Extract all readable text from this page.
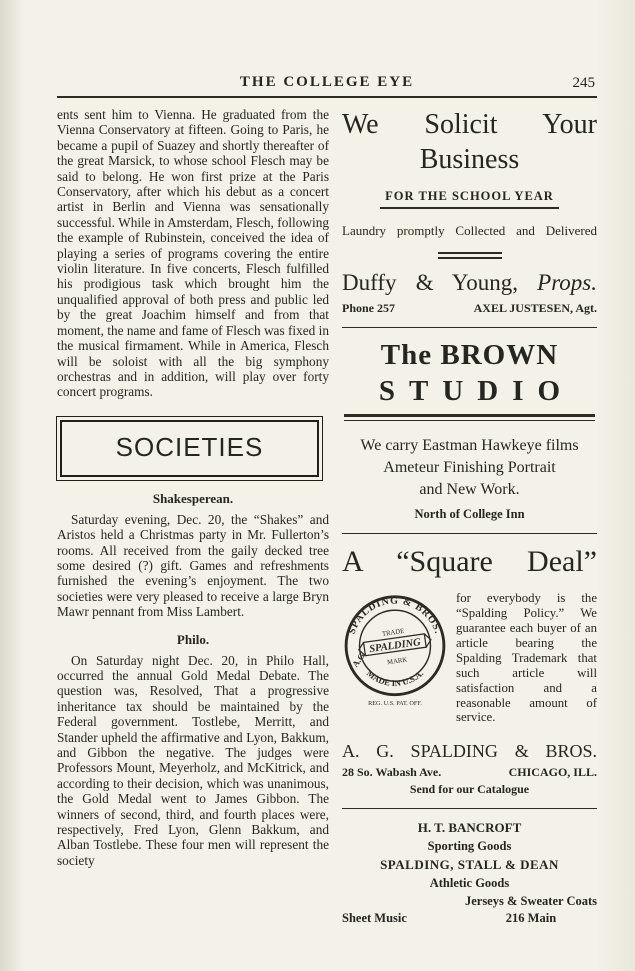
THE COLLEGE EYE	245

ents sent him to Vienna. He graduated from the Vienna Conservatory at fifteen. Going to Paris, he became a pupil of Suazey and shortly thereafter of the great Marsick, to whose school Flesch may be said to belong. He won first prize at the Paris Conservatory, after which his debut as a concert artist in Berlin and Vienna was sensationally successful. While in Amsterdam, Flesch, following the example of Rubinstein, conceived the idea of playing a series of programs covering the entire violin literature. In five concerts, Flesch fulfilled his prodigious task which brought him the unqualified approval of both press and public led by the great Joachim himself and from that moment, the name and fame of Flesch was fixed in the musical firmament. While in America, Flesch will be soloist with all the big symphony orchestras and in addition, will play over forty concert programs.

SOCIETIES
Shakesperean.

Saturday evening, Dec. 20, the “Shakes” and Aristos held a Christmas party in Mr. Fullerton’s rooms. All received from the gaily decked tree some desired (?) gift. Games and refreshments furnished the evening’s enjoyment. The two societies were very pleased to receive a large Bryn Mawr pennant from Miss Lambert.

Philo.

On Saturday night Dec. 20, in Philo Hall, occurred the annual Gold Medal Debate. The question was, Resolved, That a progressive inheritance tax should be maintained by the Federal government. Tostlebe, Merritt, and Stander upheld the affirmative and Lyon, Bakkum, and Gibbon the negative. The judges were Professors Mount, Meyerholz, and McKitrick, and according to their decision, which was unanimous, the Gold Medal went to James Gibbon. The winners of second, third, and fourth places were, respectively, Fred Lyon, Glenn Bakkum, and Alban Tostlebe. These four men will represent the society

We Solicit Your
Business
FOR THE SCHOOL YEAR
Laundry promptly Collected and Delivered
Duffy & Young, Props.
Phone 257	AXEL JUSTESEN, Agt.
The BROWN
STUDIO
We carry Eastman Hawkeye films
Ameteur Finishing Portrait
and New Work.
North of College Inn
A “Square Deal”
SPALDING & BROS.
MADE IN U.S.A.
A.G.
TRADE
SPALDING
MARK
REG. U.S. PAT. OFF.

for everybody is the “Spalding Policy.” We guarantee each buyer of an article bearing the Spalding Trademark that such article will satisfaction and a reasonable amount of service.

A. G. SPALDING & BROS.
28 So. Wabash Ave.	CHICAGO, ILL.
Send for our Catalogue
H. T. BANCROFT
Sporting Goods
SPALDING, STALL & DEAN
Athletic Goods
Sheet Music
Jerseys & Sweater Coats
216 Main
